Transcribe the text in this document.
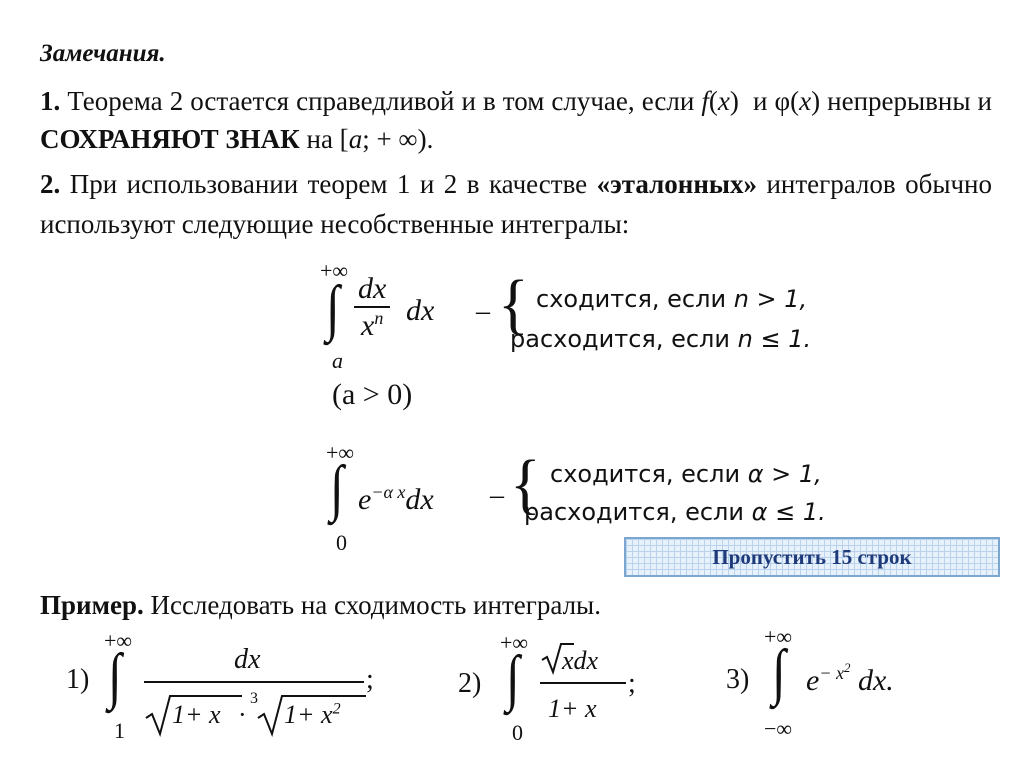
Замечания.
1. Теорема 2 остается справедливой и в том случае, если f(x)  и φ(x) непрерывны и СОХРАНЯЮТ ЗНАК на [a; + ∞).
2. При использовании теорем 1 и 2 в качестве «эталонных» интегралов обычно используют следующие несобственные интегралы:
+∞
∫
a
$\frac{dx}{x^n}$ dx – { сходится, если n > 1,
расходится, если n ≤ 1.
(a > 0)
+∞
∫
0
$e^{-\alpha x}dx$ – { сходится, если α > 1,
расходится, если α ≤ 1.
Пропустить 15 строк
Пример. Исследовать на сходимость интегралы.
1)
+∞
∫
1
dx
1+ x ·
3
$1+ x^2$
;	2)
+∞
∫
0
xdx
1+ x
;	3)
+∞
∫
−∞
$e^{- x^2}$ dx.
